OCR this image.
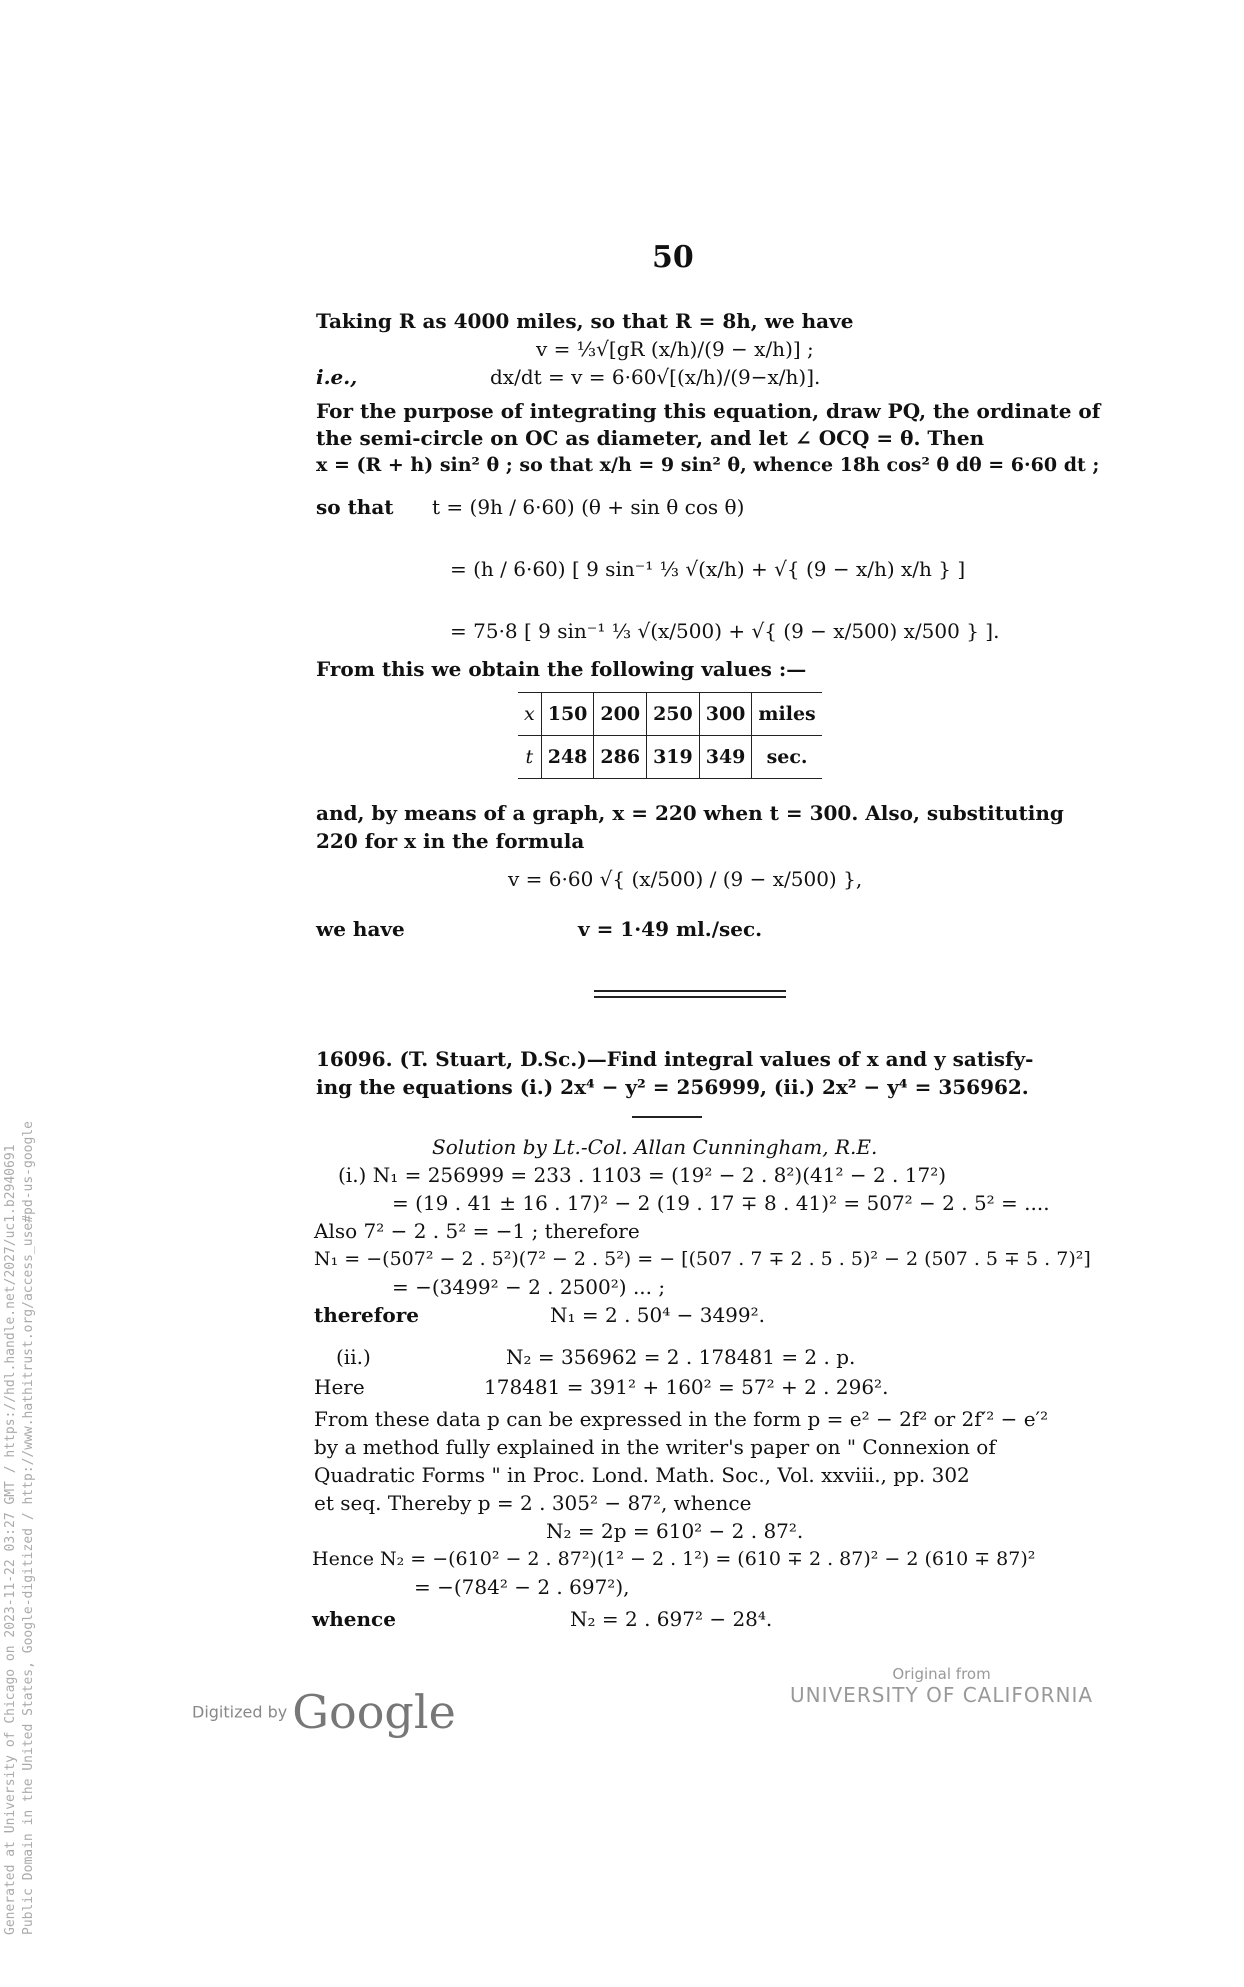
50
Taking R as 4000 miles, so that R = 8h, we have
v = ⅓√[gR (x/h)/(9 − x/h)] ;
i.e.,	dx/dt = v = 6·60√[(x/h)/(9−x/h)].
For the purpose of integrating this equation, draw PQ, the ordinate of
the semi-circle on OC as diameter, and let ∠ OCQ = θ. Then
x = (R + h) sin² θ ; so that x/h = 9 sin² θ, whence 18h cos² θ dθ = 6·60 dt ;
so that t = (9h / 6·60) (θ + sin θ cos θ)
= (h / 6·60) [ 9 sin⁻¹ ⅓ √(x/h) + √{ (9 − x/h) x/h } ]
= 75·8 [ 9 sin⁻¹ ⅓ √(x/500) + √{ (9 − x/500) x/500 } ].
From this we obtain the following values :—
x	150	200	250	300	miles
t	248	286	319	349	sec.
and, by means of a graph, x = 220 when t = 300. Also, substituting
220 for x in the formula
v = 6·60 √{ (x/500) / (9 − x/500) },
we have	v = 1·49 ml./sec.
16096. (T. Stuart, D.Sc.)—Find integral values of x and y satisfy-
ing the equations (i.) 2x⁴ − y² = 256999, (ii.) 2x² − y⁴ = 356962.
Solution by Lt.-Col. Allan Cunningham, R.E.
(i.) N₁ = 256999 = 233 . 1103 = (19² − 2 . 8²)(41² − 2 . 17²)
= (19 . 41 ± 16 . 17)² − 2 (19 . 17 ∓ 8 . 41)² = 507² − 2 . 5² = ....
Also 7² − 2 . 5² = −1 ; therefore
N₁ = −(507² − 2 . 5²)(7² − 2 . 5²) = − [(507 . 7 ∓ 2 . 5 . 5)² − 2 (507 . 5 ∓ 5 . 7)²]
= −(3499² − 2 . 2500²) ... ;
therefore	N₁ = 2 . 50⁴ − 3499².
(ii.)	N₂ = 356962 = 2 . 178481 = 2 . p.
Here	178481 = 391² + 160² = 57² + 2 . 296².
From these data p can be expressed in the form p = e² − 2f² or 2f′² − e′²
by a method fully explained in the writer's paper on " Connexion of
Quadratic Forms " in Proc. Lond. Math. Soc., Vol. xxviii., pp. 302
et seq. Thereby p = 2 . 305² − 87², whence
N₂ = 2p = 610² − 2 . 87².
Hence N₂ = −(610² − 2 . 87²)(1² − 2 . 1²) = (610 ∓ 2 . 87)² − 2 (610 ∓ 87)²
= −(784² − 2 . 697²),
whence	N₂ = 2 . 697² − 28⁴.
Digitized by Google
Original from
UNIVERSITY OF CALIFORNIA
Generated at University of Chicago on 2023-11-22 03:27 GMT / https://hdl.handle.net/2027/uc1.b2940691 Public Domain in the United States, Google-digitized / http://www.hathitrust.org/access_use#pd-us-google
